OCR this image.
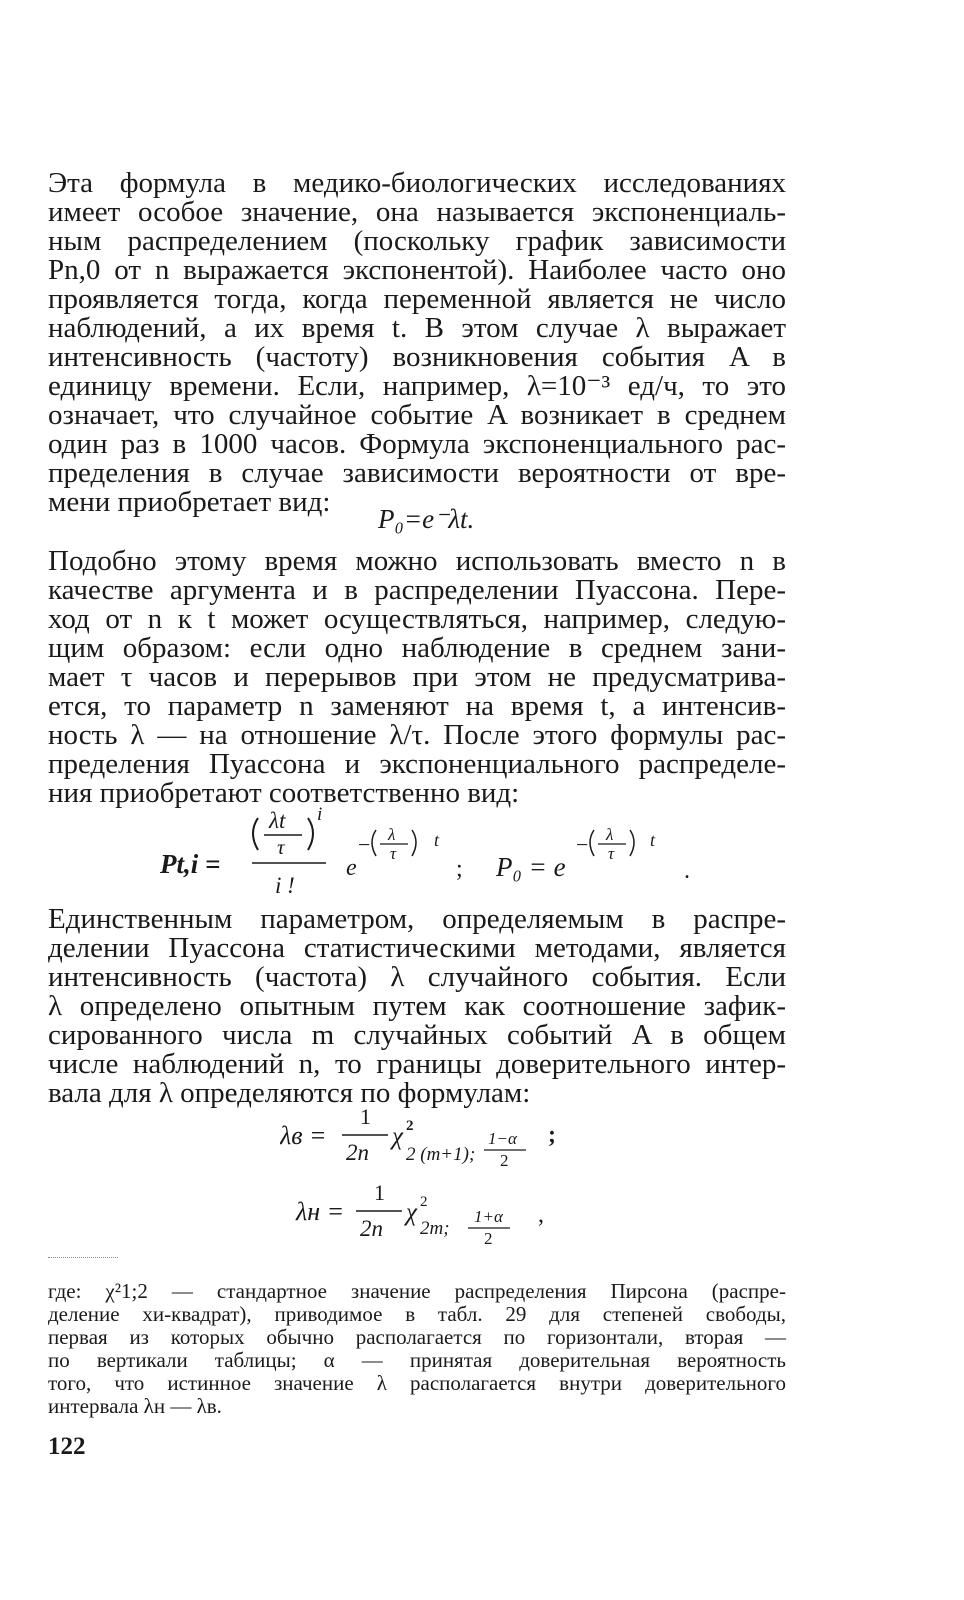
Эта формула в медико-биологических исследованиях
имеет особое значение, она называется экспоненциаль-
ным распределением (поскольку график зависимости
Pn,0 от n выражается экспонентой). Наиболее часто оно
проявляется тогда, когда переменной является не число
наблюдений, а их время t. В этом случае λ выражает
интенсивность (частоту) возникновения события A в
единицу времени. Если, например, λ=10⁻³ ед/ч, то это
означает, что случайное событие A возникает в среднем
один раз в 1000 часов. Формула экспоненциального рас-
пределения в случае зависимости вероятности от вре-
мени приобретает вид:
P₀=e⁻λt.
Подобно этому время можно использовать вместо n в
качестве аргумента и в распределении Пуассона. Пере-
ход от n к t может осуществляться, например, следую-
щим образом: если одно наблюдение в среднем зани-
мает τ часов и перерывов при этом не предусматрива-
ется, то параметр n заменяют на время t, а интенсив-
ность λ — на отношение λ/τ. После этого формулы рас-
пределения Пуассона и экспоненциального распределе-
ния приобретают соответственно вид:
Pt,i =
λt
τ
i
i !
e
− λ
τ
t
; P₀ = e
− λ
τ
t
.
Единственным параметром, определяемым в распре-
делении Пуассона статистическими методами, является
интенсивность (частота) λ случайного события. Если
λ определено опытным путем как соотношение зафик-
сированного числа m случайных событий A в общем
числе наблюдений n, то границы доверительного интер-
вала для λ определяются по формулам:
λв =
1
2n
χ 2
2 (m+1);
1−α
2
;
λн =
1
2n
χ 2
2m;
1+α
2
,
где: χ²1;2 — стандартное значение распределения Пирсона (распре-
деление хи-квадрат), приводимое в табл. 29 для степеней свободы,
первая из которых обычно располагается по горизонтали, вторая —
по вертикали таблицы; α — принятая доверительная вероятность
того, что истинное значение λ располагается внутри доверительного
интервала λн — λв.
122
